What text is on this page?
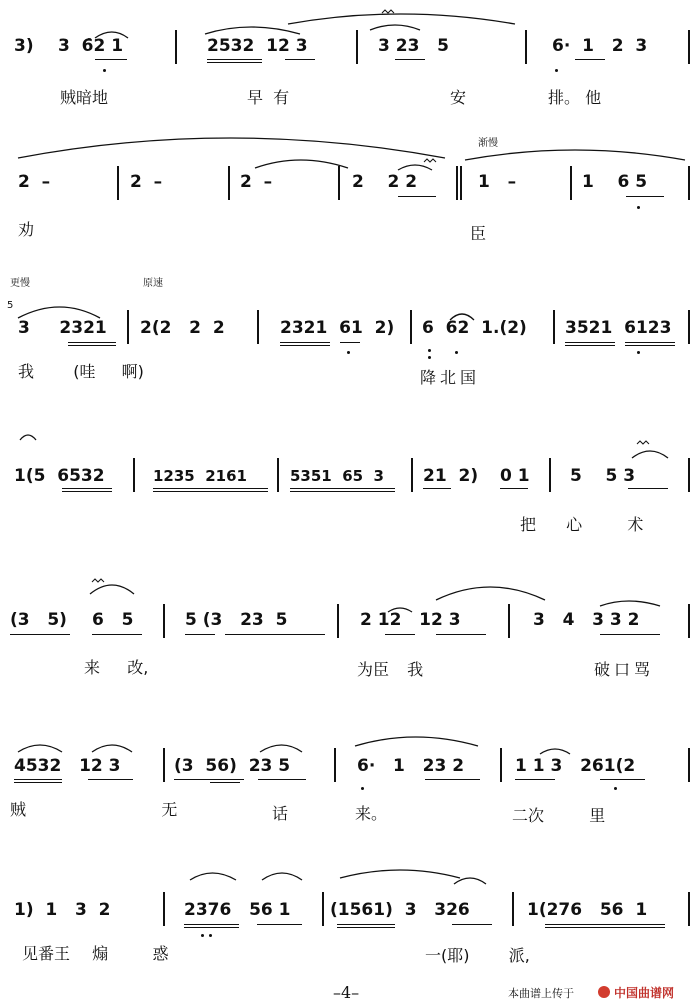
3) 3  6̇2 1	2532  12 3	3 23   5	6·  1   2  3
贼暗地	早  有	安	排。 他
渐慢
2  –	2  –	2  –	2    2 2	1   –	1    6 5
劝	臣
更慢	原速
5
3     2321 2(2   2  2	2321  61  2) 6  62  1.(2) 3521  6123
我   (哇  啊)	降北国
1(5  6532	1235  2161	5351  65  3 21  2) 0 1 5    5 3
把  心   术
(3   5) 6   5	5 (3   23  5	2 12   12 3	3   4   3 3 2
来   改,	为臣  我	破口骂
4532   12 3	(3  56)  23 5	6·   1   23 2	1 1 3   261(2
贼     无	话	来。	二次   里
1)  1   3  2	2376   56 1 (1561)  3   326	1(276   56  1
见番王  煽    惑	一(耶)   派,
–4–	本曲谱上传于	中国曲谱网
